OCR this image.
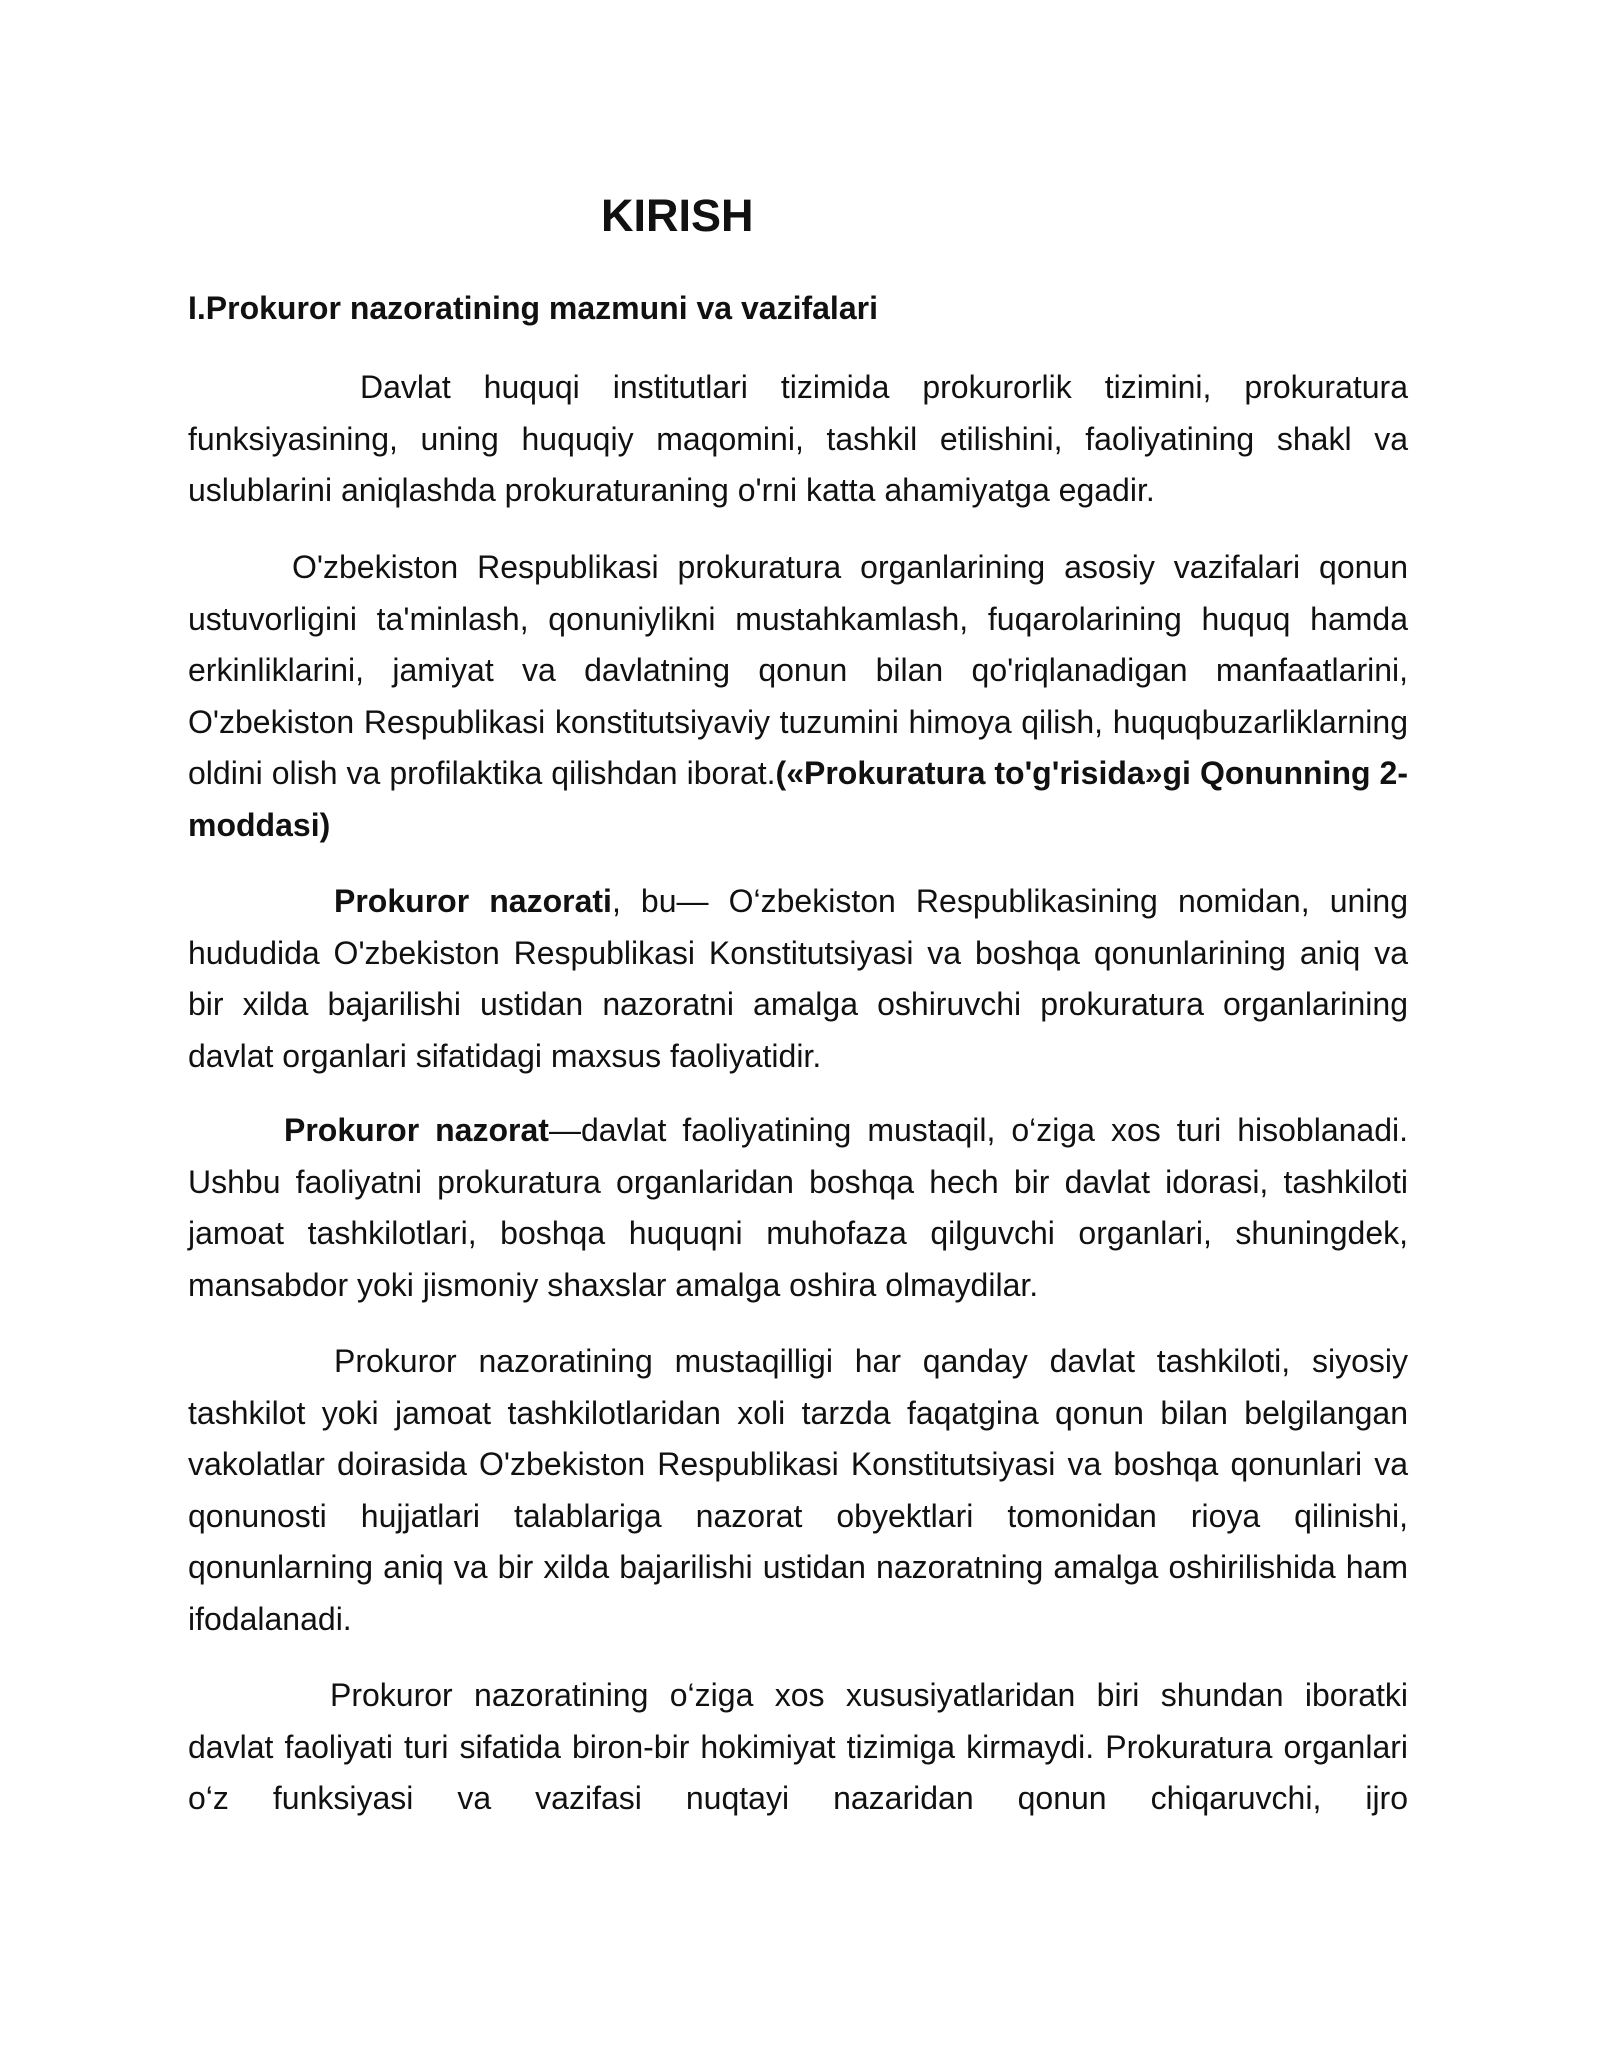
KIRISH
I.Prokuror nazoratining mazmuni va vazifalari

Davlat huquqi institutlari tizimida prokurorlik tizimini, prokuratura funksiyasining, uning huquqiy maqomini, tashkil etilishini, faoliyatining shakl va uslublarini aniqlashda prokuraturaning o'rni katta ahamiyatga egadir.

O'zbekiston Respublikasi prokuratura organlarining asosiy vazifalari qonun ustuvorligini ta'minlash, qonuniylikni mustahkamlash, fuqarolarining huquq hamda erkinliklarini, jamiyat va davlatning qonun bilan qo'riqlanadigan manfaatlarini, O'zbekiston Respublikasi konstitutsiyaviy tuzumini himoya qilish, huquqbuzarliklarning oldini olish va profilaktika qilishdan iborat.(«Prokuratura to'g'risida»gi Qonunning 2-moddasi)

Prokuror nazorati, bu— O‘zbekiston Respublikasining nomidan, uning hududida O'zbekiston Respublikasi Konstitutsiyasi va boshqa qonunlarining aniq va bir xilda bajarilishi ustidan nazoratni amalga oshiruvchi prokuratura organlarining davlat organlari sifatidagi maxsus faoliyatidir.

Prokuror nazorat—davlat faoliyatining mustaqil, o‘ziga xos turi hisoblanadi. Ushbu faoliyatni prokuratura organlaridan boshqa hech bir davlat idorasi, tashkiloti jamoat tashkilotlari, boshqa huquqni muhofaza qilguvchi organlari, shuningdek, mansabdor yoki jismoniy shaxslar amalga oshira olmaydilar.

Prokuror nazoratining mustaqilligi har qanday davlat tashkiloti, siyosiy tashkilot yoki jamoat tashkilotlaridan xoli tarzda faqatgina qonun bilan belgilangan vakolatlar doirasida O'zbekiston Respublikasi Konstitutsiyasi va boshqa qonunlari va qonunosti hujjatlari talablariga nazorat obyektlari tomonidan rioya qilinishi, qonunlarning aniq va bir xilda bajarilishi ustidan nazoratning amalga oshirilishida ham ifodalanadi.

Prokuror nazoratining o‘ziga xos xususiyatlaridan biri shundan iboratki davlat faoliyati turi sifatida biron-bir hokimiyat tizimiga kirmaydi. Prokuratura organlari o‘z funksiyasi va vazifasi nuqtayi nazaridan qonun chiqaruvchi, ijro
